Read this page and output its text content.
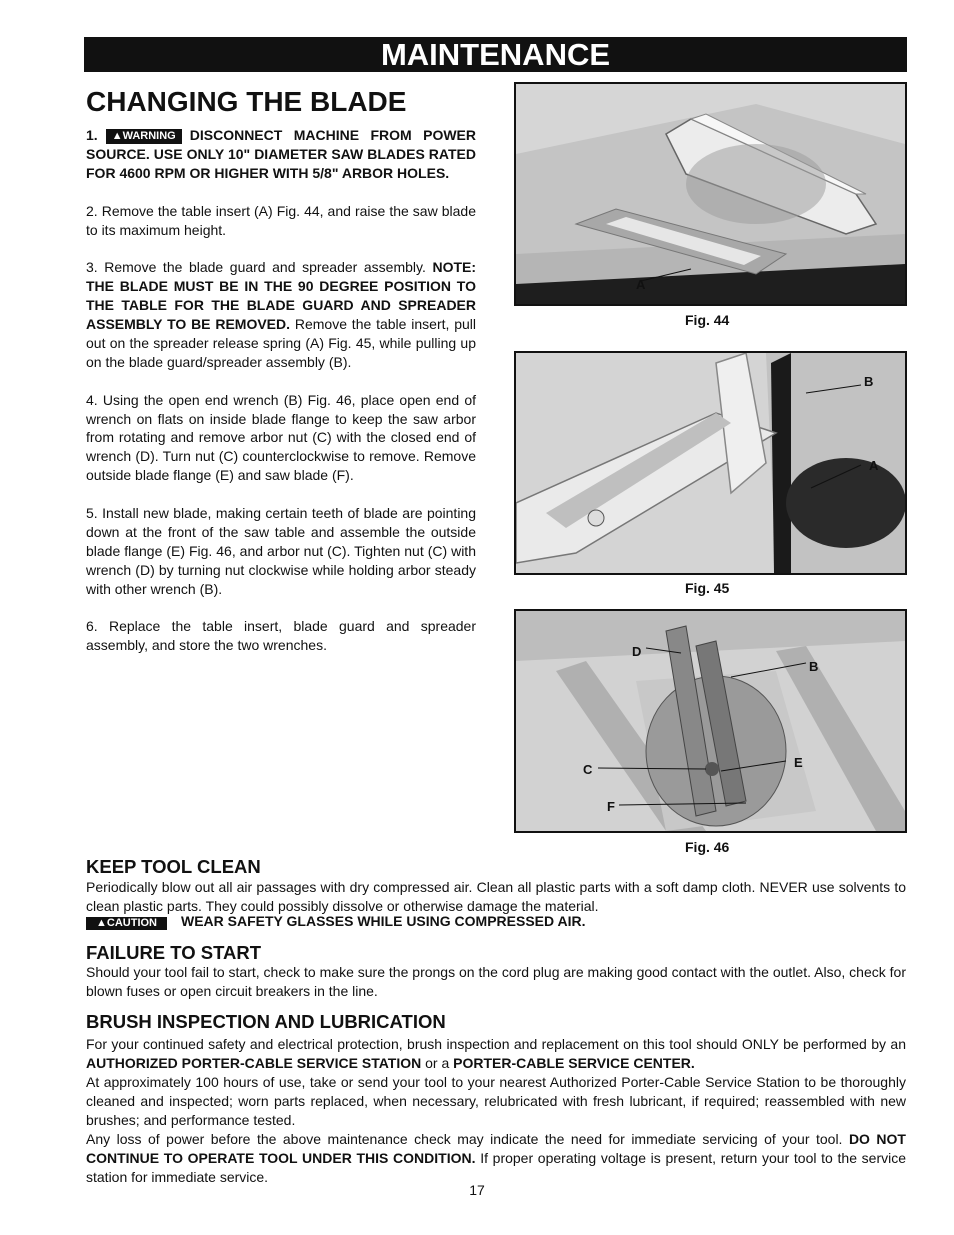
MAINTENANCE
CHANGING THE BLADE

1. ▲WARNING DISCONNECT MACHINE FROM POWER SOURCE. USE ONLY 10" DIAMETER SAW BLADES RATED FOR 4600 RPM OR HIGHER WITH 5/8" ARBOR HOLES.

2. Remove the table insert (A) Fig. 44, and raise the saw blade to its maximum height.

3. Remove the blade guard and spreader assembly. NOTE: THE BLADE MUST BE IN THE 90 DEGREE POSITION TO THE TABLE FOR THE BLADE GUARD AND SPREADER ASSEMBLY TO BE REMOVED. Remove the table insert, pull out on the spreader release spring (A) Fig. 45, while pulling up on the blade guard/spreader assembly (B).

4. Using the open end wrench (B) Fig. 46, place open end of wrench on flats on inside blade flange to keep the saw arbor from rotating and remove arbor nut (C) with the closed end of wrench (D). Turn nut (C) counterclockwise to remove. Remove outside blade flange (E) and saw blade (F).

5. Install new blade, making certain teeth of blade are pointing down at the front of the saw table and assemble the outside blade flange (E) Fig. 46, and arbor nut (C). Tighten nut (C) with wrench (D) by turning nut clockwise while holding arbor steady with other wrench (B).

6. Replace the table insert, blade guard and spreader assembly, and store the two wrenches.

A
Fig. 44
B
A
Fig. 45
D
B
C	E
F
Fig. 46
KEEP TOOL CLEAN

Periodically blow out all air passages with dry compressed air. Clean all plastic parts with a soft damp cloth. NEVER use solvents to clean plastic parts. They could possibly dissolve or otherwise damage the material.

▲CAUTION WEAR SAFETY GLASSES WHILE USING COMPRESSED AIR.

FAILURE TO START

Should your tool fail to start, check to make sure the prongs on the cord plug are making good contact with the outlet. Also, check for blown fuses or open circuit breakers in the line.

BRUSH INSPECTION AND LUBRICATION

For your continued safety and electrical protection, brush inspection and replacement on this tool should ONLY be performed by an AUTHORIZED PORTER-CABLE SERVICE STATION or a PORTER-CABLE SERVICE CENTER.

At approximately 100 hours of use, take or send your tool to your nearest Authorized Porter-Cable Service Station to be thoroughly cleaned and inspected; worn parts replaced, when necessary, relubricated with fresh lubricant, if required; reassembled with new brushes; and performance tested.

Any loss of power before the above maintenance check may indicate the need for immediate servicing of your tool. DO NOT CONTINUE TO OPERATE TOOL UNDER THIS CONDITION. If proper operating voltage is present, return your tool to the service station for immediate service.

17
